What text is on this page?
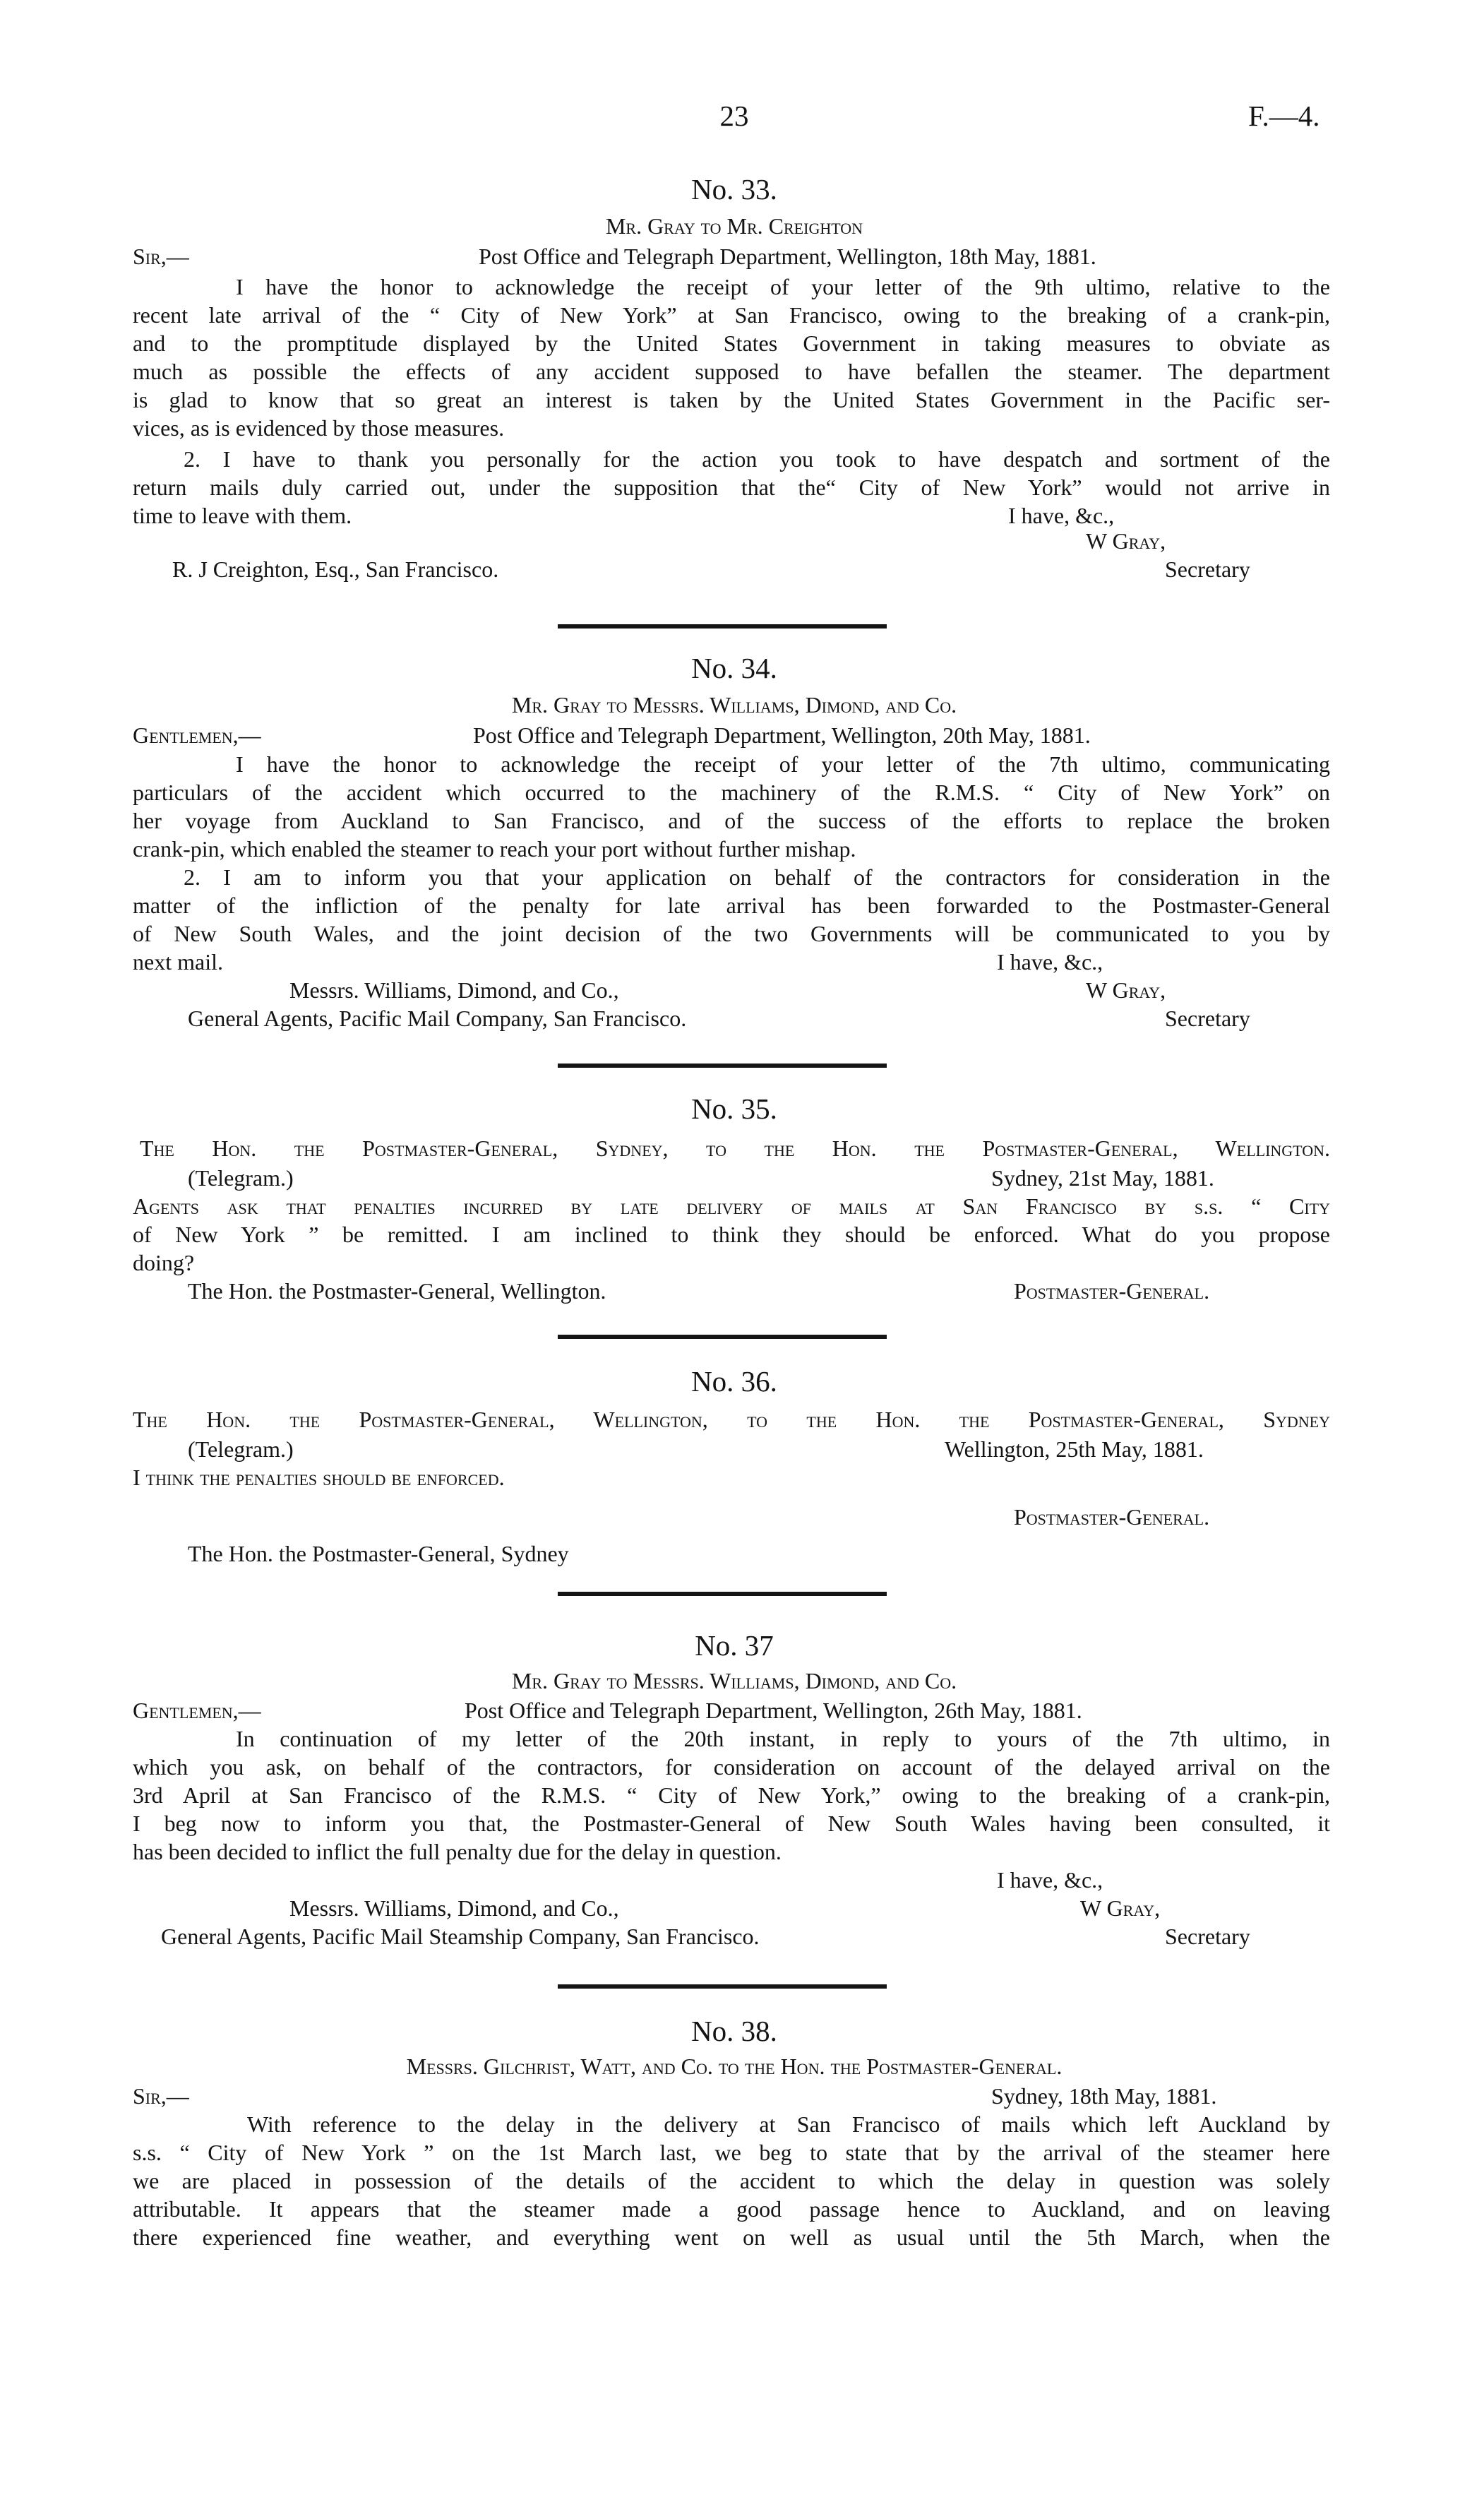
23	F.—4.
No. 33.
Mr. Gray to Mr. Creighton
Sir,—	Post Office and Telegraph Department, Wellington, 18th May, 1881.
I have the honor to acknowledge the receipt of your letter of the 9th ultimo, relative to the
recent late arrival of the “ City of New York” at San Francisco, owing to the breaking of a crank-pin,
and to the promptitude displayed by the United States Government in taking measures to obviate as
much as possible the effects of any accident supposed to have befallen the steamer. The department
is glad to know that so great an interest is taken by the United States Government in the Pacific ser-
vices, as is evidenced by those measures.
2. I have to thank you personally for the action you took to have despatch and sortment of the
return mails duly carried out, under the supposition that the“ City of New York” would not arrive in
time to leave with them.	I have, &c.,
W Gray,
R. J Creighton, Esq., San Francisco.	Secretary
No. 34.
Mr. Gray to Messrs. Williams, Dimond, and Co.
Gentlemen,—	Post Office and Telegraph Department, Wellington, 20th May, 1881.
I have the honor to acknowledge the receipt of your letter of the 7th ultimo, communicating
particulars of the accident which occurred to the machinery of the R.M.S. “ City of New York” on
her voyage from Auckland to San Francisco, and of the success of the efforts to replace the broken
crank-pin, which enabled the steamer to reach your port without further mishap.
2. I am to inform you that your application on behalf of the contractors for consideration in the
matter of the infliction of the penalty for late arrival has been forwarded to the Postmaster-General
of New South Wales, and the joint decision of the two Governments will be communicated to you by
next mail.	I have, &c.,
Messrs. Williams, Dimond, and Co.,	W Gray,
General Agents, Pacific Mail Company, San Francisco.	Secretary
No. 35.
The Hon. the Postmaster-General, Sydney, to the Hon. the Postmaster-General, Wellington.
(Telegram.)	Sydney, 21st May, 1881.
Agents ask that penalties incurred by late delivery of mails at San Francisco by s.s. “ City
of New York ” be remitted. I am inclined to think they should be enforced. What do you propose
doing?
The Hon. the Postmaster-General, Wellington.	Postmaster-General.
No. 36.
The Hon. the Postmaster-General, Wellington, to the Hon. the Postmaster-General, Sydney
(Telegram.)	Wellington, 25th May, 1881.
I think the penalties should be enforced.
Postmaster-General.
The Hon. the Postmaster-General, Sydney
No. 37
Mr. Gray to Messrs. Williams, Dimond, and Co.
Gentlemen,—	Post Office and Telegraph Department, Wellington, 26th May, 1881.
In continuation of my letter of the 20th instant, in reply to yours of the 7th ultimo, in
which you ask, on behalf of the contractors, for consideration on account of the delayed arrival on the
3rd April at San Francisco of the R.M.S. “ City of New York,” owing to the breaking of a crank-pin,
I beg now to inform you that, the Postmaster-General of New South Wales having been consulted, it
has been decided to inflict the full penalty due for the delay in question.
I have, &c.,
Messrs. Williams, Dimond, and Co.,	W Gray,
General Agents, Pacific Mail Steamship Company, San Francisco.	Secretary
No. 38.
Messrs. Gilchrist, Watt, and Co. to the Hon. the Postmaster-General.
Sir,—	Sydney, 18th May, 1881.
With reference to the delay in the delivery at San Francisco of mails which left Auckland by
s.s. “ City of New York ” on the 1st March last, we beg to state that by the arrival of the steamer here
we are placed in possession of the details of the accident to which the delay in question was solely
attributable. It appears that the steamer made a good passage hence to Auckland, and on leaving
there experienced fine weather, and everything went on well as usual until the 5th March, when the
